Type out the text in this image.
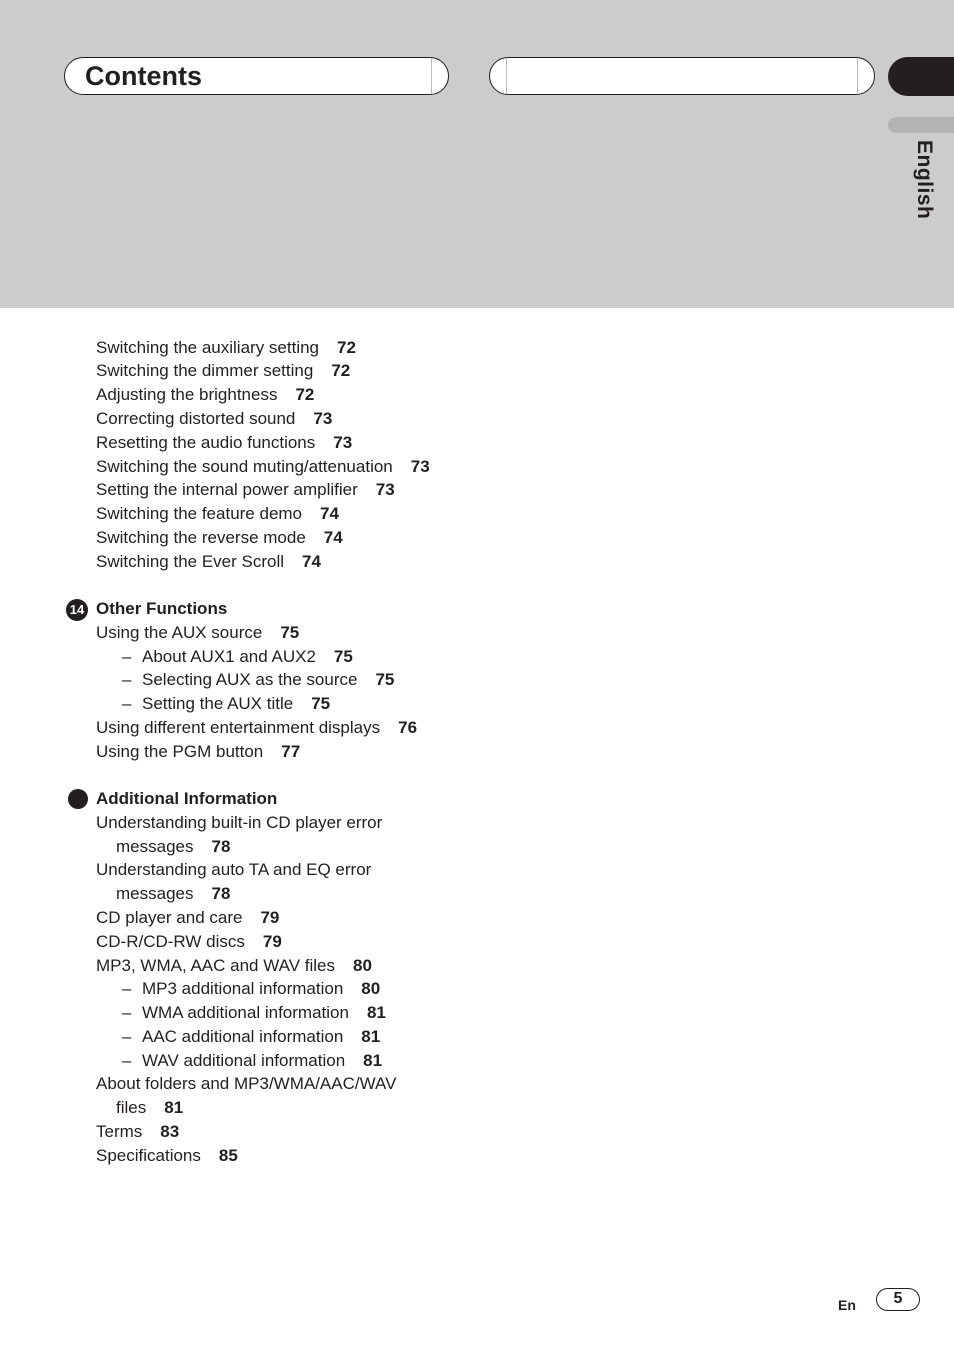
Contents
English
Switching the auxiliary setting 72
Switching the dimmer setting 72
Adjusting the brightness 72
Correcting distorted sound 73
Resetting the audio functions 73
Switching the sound muting/attenuation 73
Setting the internal power amplifier 73
Switching the feature demo 74
Switching the reverse mode 74
Switching the Ever Scroll 74
14 Other Functions
Using the AUX source 75
– About AUX1 and AUX2 75
– Selecting AUX as the source 75
– Setting the AUX title 75
Using different entertainment displays 76
Using the PGM button 77
Additional Information
Understanding built-in CD player error
messages 78
Understanding auto TA and EQ error
messages 78
CD player and care 79
CD-R/CD-RW discs 79
MP3, WMA, AAC and WAV files 80
– MP3 additional information 80
– WMA additional information 81
– AAC additional information 81
– WAV additional information 81
About folders and MP3/WMA/AAC/WAV
files 81
Terms 83
Specifications 85
En	5
